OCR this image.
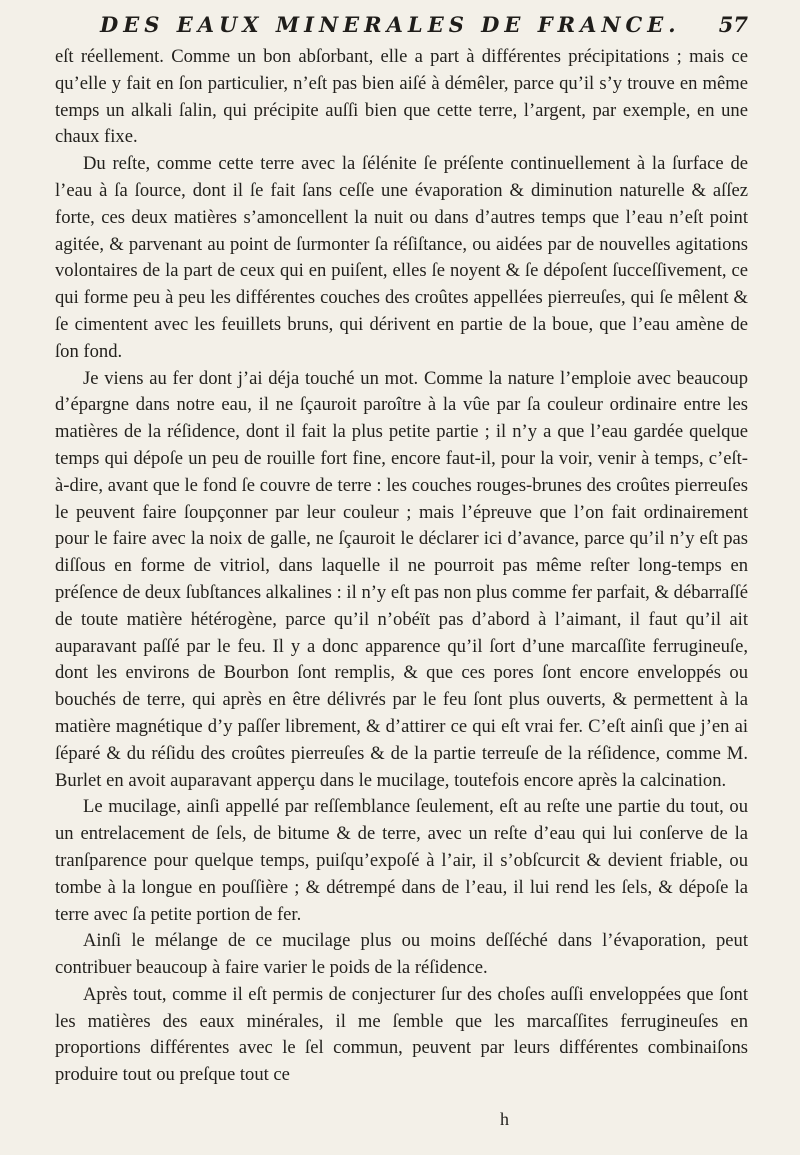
DES EAUX MINERALES DE FRANCE. 57

eſt réellement. Comme un bon abſorbant, elle a part à différentes précipitations ; mais ce qu’elle y fait en ſon particulier, n’eſt pas bien aiſé à démêler, parce qu’il s’y trouve en même temps un alkali ſalin, qui précipite auſſi bien que cette terre, l’argent, par exemple, en une chaux fixe.

Du reſte, comme cette terre avec la ſélénite ſe préſente continuellement à la ſurface de l’eau à ſa ſource, dont il ſe fait ſans ceſſe une évaporation & diminution naturelle & aſſez forte, ces deux matières s’amoncellent la nuit ou dans d’autres temps que l’eau n’eſt point agitée, & parvenant au point de ſurmonter ſa réſiſtance, ou aidées par de nouvelles agitations volontaires de la part de ceux qui en puiſent, elles ſe noyent & ſe dépoſent ſucceſſivement, ce qui forme peu à peu les différentes couches des croûtes appellées pierreuſes, qui ſe mêlent & ſe cimentent avec les feuillets bruns, qui dérivent en partie de la boue, que l’eau amène de ſon fond.

Je viens au fer dont j’ai déja touché un mot. Comme la nature l’emploie avec beaucoup d’épargne dans notre eau, il ne ſçauroit paroître à la vûe par ſa couleur ordinaire entre les matières de la réſidence, dont il fait la plus petite partie ; il n’y a que l’eau gardée quelque temps qui dépoſe un peu de rouille fort fine, encore faut-il, pour la voir, venir à temps, c’eſt-à-dire, avant que le fond ſe couvre de terre : les couches rouges-brunes des croûtes pierreuſes le peuvent faire ſoupçonner par leur couleur ; mais l’épreuve que l’on fait ordinairement pour le faire avec la noix de galle, ne ſçauroit le déclarer ici d’avance, parce qu’il n’y eſt pas diſſous en forme de vitriol, dans laquelle il ne pourroit pas même reſter long-temps en préſence de deux ſubſtances alkalines : il n’y eſt pas non plus comme fer parfait, & débarraſſé de toute matière hétérogène, parce qu’il n’obéït pas d’abord à l’aimant, il faut qu’il ait auparavant paſſé par le feu. Il y a donc apparence qu’il ſort d’une marcaſſite ferrugineuſe, dont les environs de Bourbon ſont remplis, & que ces pores ſont encore enveloppés ou bouchés de terre, qui après en être délivrés par le feu ſont plus ouverts, & permettent à la matière magnétique d’y paſſer librement, & d’attirer ce qui eſt vrai fer. C’eſt ainſi que j’en ai ſéparé & du réſidu des croûtes pierreuſes & de la partie terreuſe de la réſidence, comme M. Burlet en avoit auparavant apperçu dans le mucilage, toutefois encore après la calcination.

Le mucilage, ainſi appellé par reſſemblance ſeulement, eſt au reſte une partie du tout, ou un entrelacement de ſels, de bitume & de terre, avec un reſte d’eau qui lui conſerve de la tranſparence pour quelque temps, puiſqu’expoſé à l’air, il s’obſcurcit & devient friable, ou tombe à la longue en pouſſière ; & détrempé dans de l’eau, il lui rend les ſels, & dépoſe la terre avec ſa petite portion de fer.

Ainſi le mélange de ce mucilage plus ou moins deſſéché dans l’évaporation, peut contribuer beaucoup à faire varier le poids de la réſidence.

Après tout, comme il eſt permis de conjecturer ſur des choſes auſſi enveloppées que ſont les matières des eaux minérales, il me ſemble que les marcaſſites ferrugineuſes en proportions différentes avec le ſel commun, peuvent par leurs différentes combinaiſons produire tout ou preſque tout ce

h
